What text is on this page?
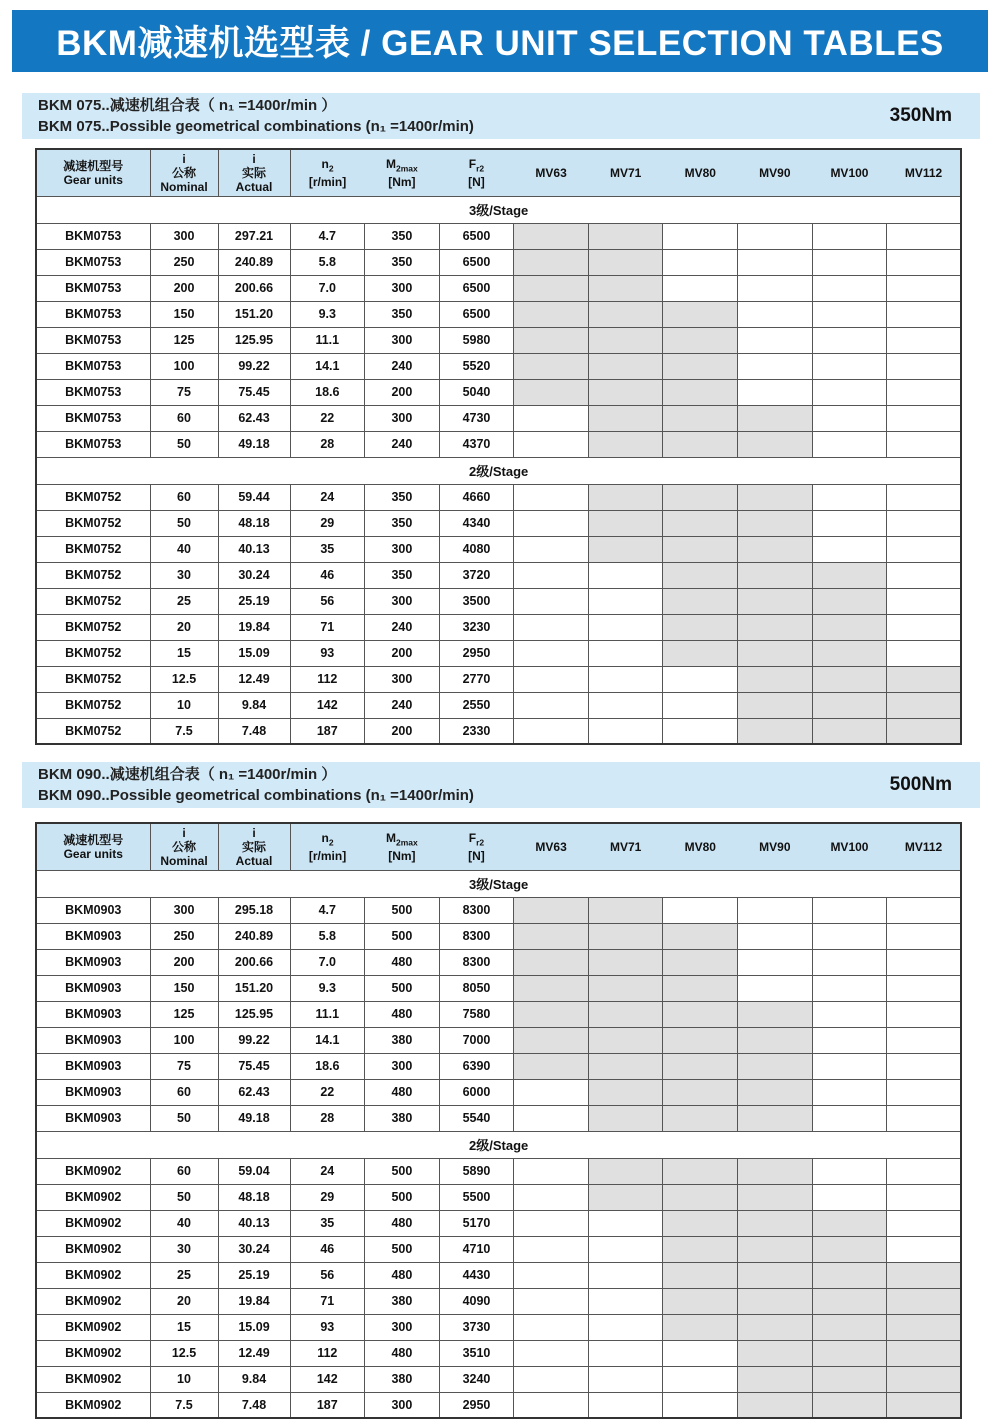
BKM减速机选型表 / GEAR UNIT SELECTION TABLES
BKM 075..减速机组合表（ n₁ =1400r/min ）
BKM 075..Possible geometrical combinations (n₁ =1400r/min)
350Nm
减速机型号
Gear units

i
公称
Nominal

i
实际
Actual

$n_2$
[r/min]

$M_{2max}$
[Nm]

$F_{r2}$
[N]
	MV63	MV71	MV80	MV90	MV100	MV112
3级/Stage											
BKM0753	300	297.21	4.7	350	6500						
BKM0753	250	240.89	5.8	350	6500						
BKM0753	200	200.66	7.0	300	6500						
BKM0753	150	151.20	9.3	350	6500						
BKM0753	125	125.95	11.1	300	5980						
BKM0753	100	99.22	14.1	240	5520						
BKM0753	75	75.45	18.6	200	5040						
BKM0753	60	62.43	22	300	4730						
BKM0753	50	49.18	28	240	4370						
2级/Stage											
BKM0752	60	59.44	24	350	4660						
BKM0752	50	48.18	29	350	4340						
BKM0752	40	40.13	35	300	4080						
BKM0752	30	30.24	46	350	3720						
BKM0752	25	25.19	56	300	3500						
BKM0752	20	19.84	71	240	3230						
BKM0752	15	15.09	93	200	2950						
BKM0752	12.5	12.49	112	300	2770						
BKM0752	10	9.84	142	240	2550						
BKM0752	7.5	7.48	187	200	2330						
BKM 090..减速机组合表（ n₁ =1400r/min ）
BKM 090..Possible geometrical combinations (n₁ =1400r/min)
500Nm
减速机型号
Gear units

i
公称
Nominal

i
实际
Actual

$n_2$
[r/min]

$M_{2max}$
[Nm]

$F_{r2}$
[N]
	MV63	MV71	MV80	MV90	MV100	MV112
3级/Stage											
BKM0903	300	295.18	4.7	500	8300						
BKM0903	250	240.89	5.8	500	8300						
BKM0903	200	200.66	7.0	480	8300						
BKM0903	150	151.20	9.3	500	8050						
BKM0903	125	125.95	11.1	480	7580						
BKM0903	100	99.22	14.1	380	7000						
BKM0903	75	75.45	18.6	300	6390						
BKM0903	60	62.43	22	480	6000						
BKM0903	50	49.18	28	380	5540						
2级/Stage											
BKM0902	60	59.04	24	500	5890						
BKM0902	50	48.18	29	500	5500						
BKM0902	40	40.13	35	480	5170						
BKM0902	30	30.24	46	500	4710						
BKM0902	25	25.19	56	480	4430						
BKM0902	20	19.84	71	380	4090						
BKM0902	15	15.09	93	300	3730						
BKM0902	12.5	12.49	112	480	3510						
BKM0902	10	9.84	142	380	3240						
BKM0902	7.5	7.48	187	300	2950						
